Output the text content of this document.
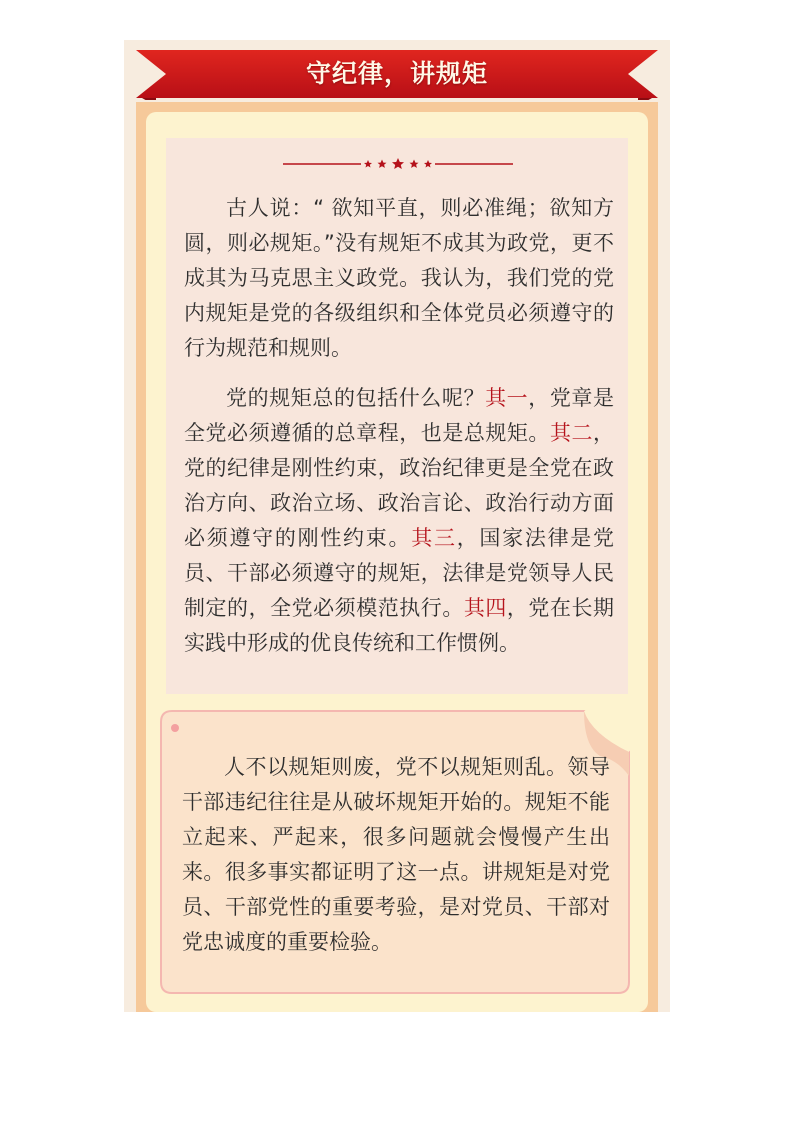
守纪律，讲规矩

古人说：“ 欲知平直，则必准绳；欲知方圆，则必规矩。”没有规矩不成其为政党，更不成其为马克思主义政党。我认为，我们党的党内规矩是党的各级组织和全体党员必须遵守的行为规范和规则。

党的规矩总的包括什么呢？其一，党章是全党必须遵循的总章程，也是总规矩。其二，党的纪律是刚性约束，政治纪律更是全党在政治方向、政治立场、政治言论、政治行动方面必须遵守的刚性约束。其三，国家法律是党员、干部必须遵守的规矩，法律是党领导人民制定的，全党必须模范执行。其四，党在长期实践中形成的优良传统和工作惯例。

人不以规矩则废，党不以规矩则乱。领导干部违纪往往是从破坏规矩开始的。规矩不能立起来、严起来，很多问题就会慢慢产生出来。很多事实都证明了这一点。讲规矩是对党员、干部党性的重要考验，是对党员、干部对党忠诚度的重要检验。
